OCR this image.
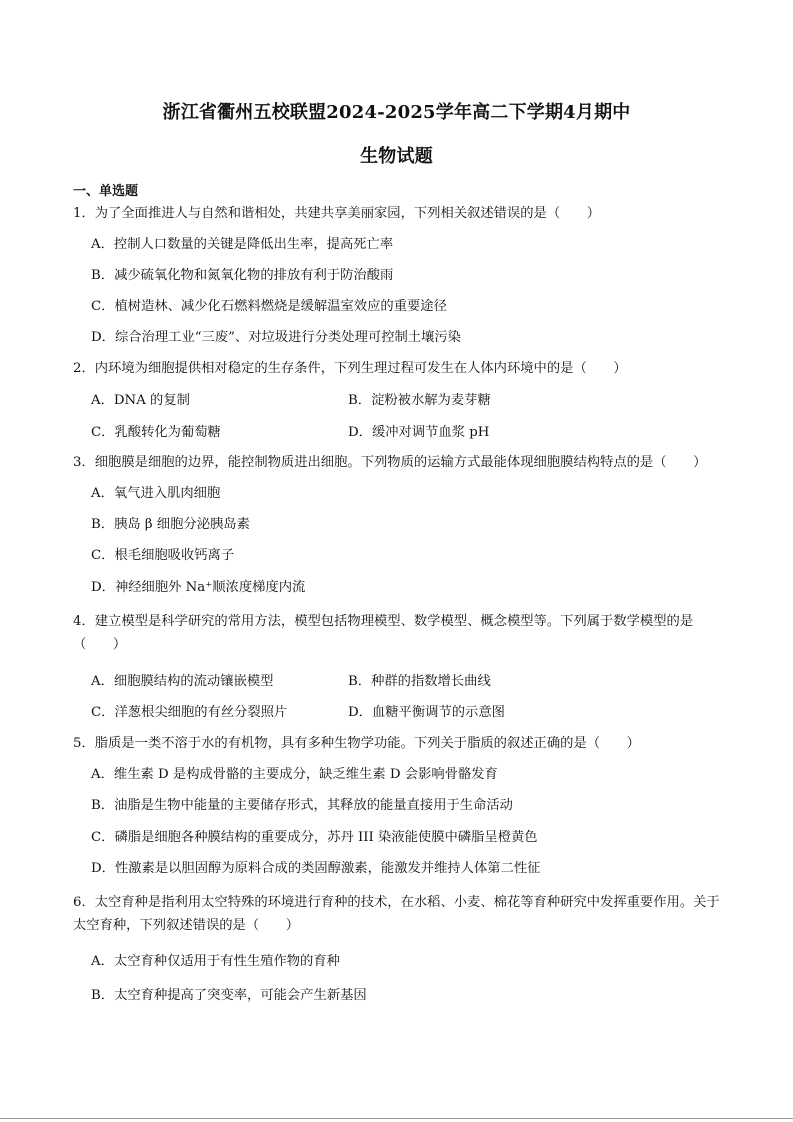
浙江省衢州五校联盟2024-2025学年高二下学期4月期中
生物试题
一、单选题
1．为了全面推进人与自然和谐相处，共建共享美丽家园，下列相关叙述错误的是（　　）
A．控制人口数量的关键是降低出生率，提高死亡率
B．减少硫氧化物和氮氧化物的排放有利于防治酸雨
C．植树造林、减少化石燃料燃烧是缓解温室效应的重要途径
D．综合治理工业“三废”、对垃圾进行分类处理可控制土壤污染
2．内环境为细胞提供相对稳定的生存条件，下列生理过程可发生在人体内环境中的是（　　）
A．DNA 的复制	B．淀粉被水解为麦芽糖
C．乳酸转化为葡萄糖	D．缓冲对调节血浆 pH
3．细胞膜是细胞的边界，能控制物质进出细胞。下列物质的运输方式最能体现细胞膜结构特点的是（　　）
A．氧气进入肌肉细胞
B．胰岛 β 细胞分泌胰岛素
C．根毛细胞吸收钙离子
D．神经细胞外 Na⁺顺浓度梯度内流
4．建立模型是科学研究的常用方法，模型包括物理模型、数学模型、概念模型等。下列属于数学模型的是（　　）
A．细胞膜结构的流动镶嵌模型	B．种群的指数增长曲线
C．洋葱根尖细胞的有丝分裂照片	D．血糖平衡调节的示意图
5．脂质是一类不溶于水的有机物，具有多种生物学功能。下列关于脂质的叙述正确的是（　　）
A．维生素 D 是构成骨骼的主要成分，缺乏维生素 D 会影响骨骼发育
B．油脂是生物中能量的主要储存形式，其释放的能量直接用于生命活动
C．磷脂是细胞各种膜结构的重要成分，苏丹 III 染液能使膜中磷脂呈橙黄色
D．性激素是以胆固醇为原料合成的类固醇激素，能激发并维持人体第二性征
6．太空育种是指利用太空特殊的环境进行育种的技术，在水稻、小麦、棉花等育种研究中发挥重要作用。关于太空育种，下列叙述错误的是（　　）
A．太空育种仅适用于有性生殖作物的育种
B．太空育种提高了突变率，可能会产生新基因
